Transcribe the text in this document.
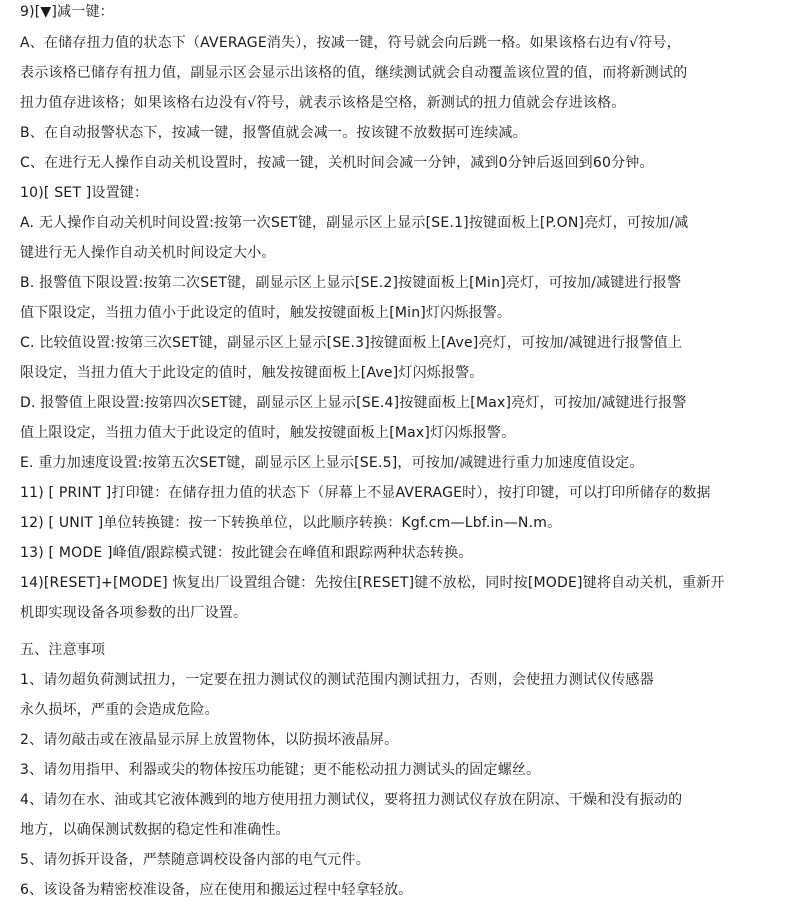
9)[▼]减一键：
A、在储存扭力值的状态下（AVERAGE消失），按减一键，符号就会向后跳一格。如果该格右边有√符号，
表示该格已储存有扭力值，副显示区会显示出该格的值，继续测试就会自动覆盖该位置的值，而将新测试的
扭力值存进该格；如果该格右边没有√符号，就表示该格是空格，新测试的扭力值就会存进该格。
B、在自动报警状态下，按减一键，报警值就会减一。按该键不放数据可连续减。
C、在进行无人操作自动关机设置时，按减一键，关机时间会减一分钟，减到0分钟后返回到60分钟。
10)[ SET ]设置键：
A. 无人操作自动关机时间设置:按第一次SET键，副显示区上显示[SE.1]按键面板上[P.ON]亮灯，可按加/减
键进行无人操作自动关机时间设定大小。
B. 报警值下限设置:按第二次SET键，副显示区上显示[SE.2]按键面板上[Min]亮灯，可按加/减键进行报警
值下限设定，当扭力值小于此设定的值时，触发按键面板上[Min]灯闪烁报警。
C. 比较值设置:按第三次SET键，副显示区上显示[SE.3]按键面板上[Ave]亮灯，可按加/减键进行报警值上
限设定，当扭力值大于此设定的值时，触发按键面板上[Ave]灯闪烁报警。
D. 报警值上限设置:按第四次SET键，副显示区上显示[SE.4]按键面板上[Max]亮灯，可按加/减键进行报警
值上限设定，当扭力值大于此设定的值时，触发按键面板上[Max]灯闪烁报警。
E. 重力加速度设置:按第五次SET键，副显示区上显示[SE.5]，可按加/减键进行重力加速度值设定。
11) [ PRINT ]打印键：在储存扭力值的状态下（屏幕上不显AVERAGE时），按打印键，可以打印所储存的数据
12) [ UNIT ]单位转换键：按一下转换单位，以此顺序转换：Kgf.cm—Lbf.in—N.m。
13) [ MODE ]峰值/跟踪模式键：按此键会在峰值和跟踪两种状态转换。
14)[RESET]+[MODE] 恢复出厂设置组合键：先按住[RESET]键不放松，同时按[MODE]键将自动关机，重新开
机即实现设备各项参数的出厂设置。
五、注意事项
1、请勿超负荷测试扭力，一定要在扭力测试仪的测试范围内测试扭力，否则，会使扭力测试仪传感器
永久损坏，严重的会造成危险。
2、请勿敲击或在液晶显示屏上放置物体，以防损坏液晶屏。
3、请勿用指甲、利器或尖的物体按压功能键；更不能松动扭力测试头的固定螺丝。
4、请勿在水、油或其它液体溅到的地方使用扭力测试仪，要将扭力测试仪存放在阴凉、干燥和没有振动的
地方，以确保测试数据的稳定性和准确性。
5、请勿拆开设备，严禁随意调校设备内部的电气元件。
6、该设备为精密校准设备，应在使用和搬运过程中轻拿轻放。
